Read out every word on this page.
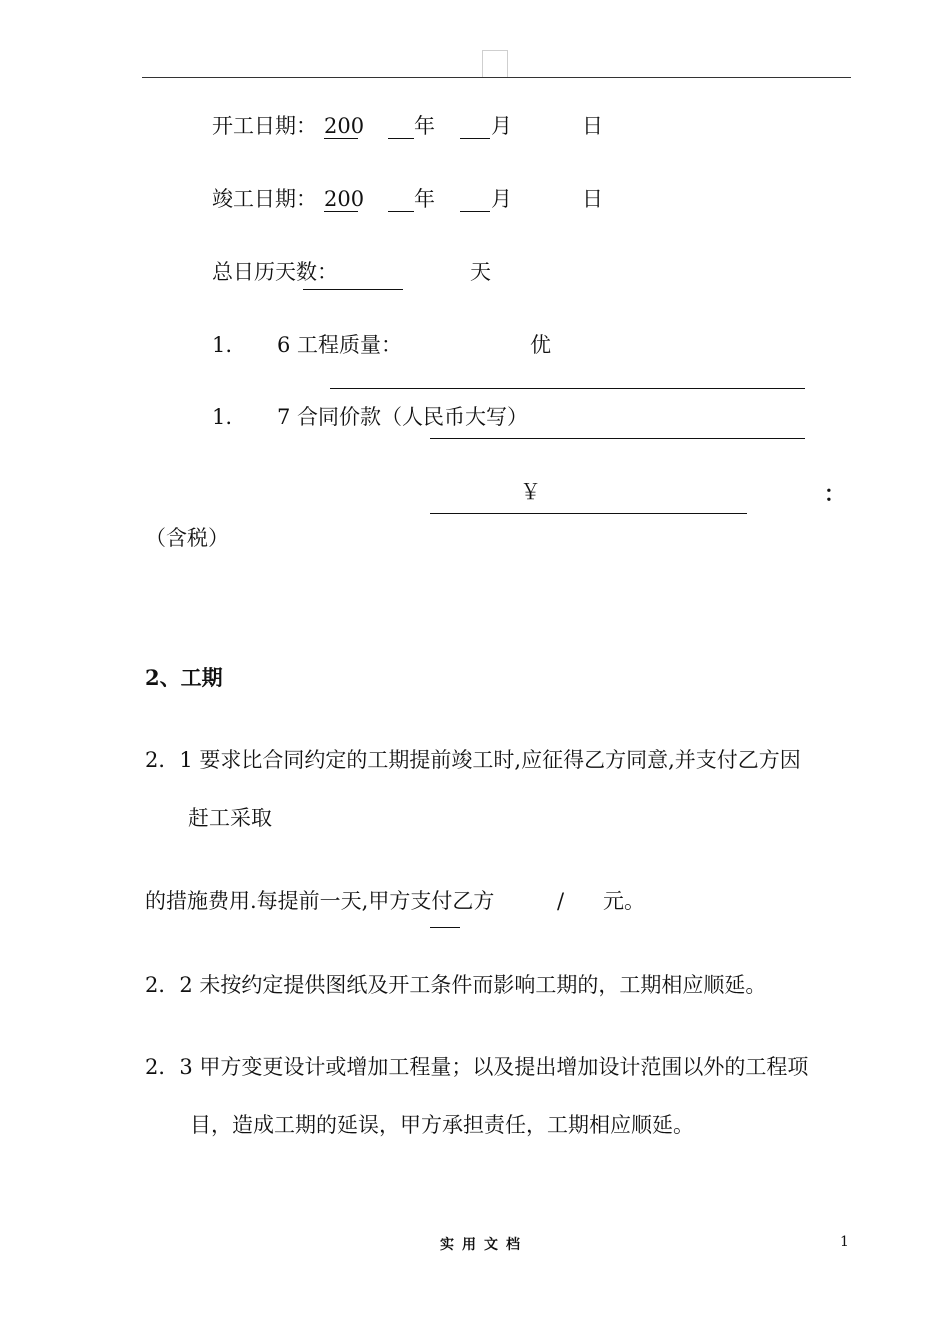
开工日期： 200 年	月	日
竣工日期： 200 年	月	日
总日历天数：	天
1. 6 工程质量：	优
1. 7 合同价款（人民币大写）
￥	：
（含税）
2、工期
2．1 要求比合同约定的工期提前竣工时,应征得乙方同意,并支付乙方因
赶工采取
的措施费用.每提前一天,甲方支付乙方	/ 元。
2．2 未按约定提供图纸及开工条件而影响工期的，工期相应顺延。
2．3 甲方变更设计或增加工程量；以及提出增加设计范围以外的工程项
目，造成工期的延误，甲方承担责任，工期相应顺延。
实用文档	1
